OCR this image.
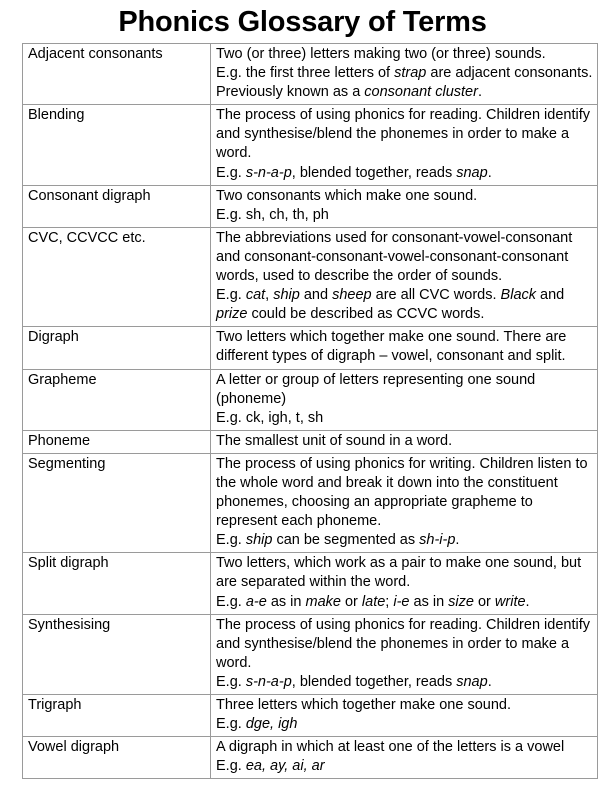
Phonics Glossary of Terms
Adjacent consonants	Two (or three) letters making two (or three) sounds.

E.g. the first three letters of strap are adjacent consonants.

Previously known as a consonant cluster.

Blending	The process of using phonics for reading. Children identify and synthesise/blend the phonemes in order to make a word.

E.g. s-n-a-p, blended together, reads snap.

Consonant digraph	Two consonants which make one sound.

E.g. sh, ch, th, ph

CVC, CCVCC etc.	The abbreviations used for consonant-vowel-consonant and consonant-consonant-vowel-consonant-consonant words, used to describe the order of sounds.

E.g. cat, ship and sheep are all CVC words. Black and prize could be described as CCVC words.

Digraph	Two letters which together make one sound. There are different types of digraph – vowel, consonant and split.

Grapheme	A letter or group of letters representing one sound (phoneme)

E.g. ck, igh, t, sh

Phoneme	The smallest unit of sound in a word.

Segmenting	The process of using phonics for writing. Children listen to the whole word and break it down into the constituent phonemes, choosing an appropriate grapheme to represent each phoneme.

E.g. ship can be segmented as sh-i-p.

Split digraph	Two letters, which work as a pair to make one sound, but are separated within the word.

E.g. a-e as in make or late; i-e as in size or write.

Synthesising	The process of using phonics for reading. Children identify and synthesise/blend the phonemes in order to make a word.

E.g. s-n-a-p, blended together, reads snap.

Trigraph	Three letters which together make one sound.

E.g. dge, igh

Vowel digraph	A digraph in which at least one of the letters is a vowel

E.g. ea, ay, ai, ar
